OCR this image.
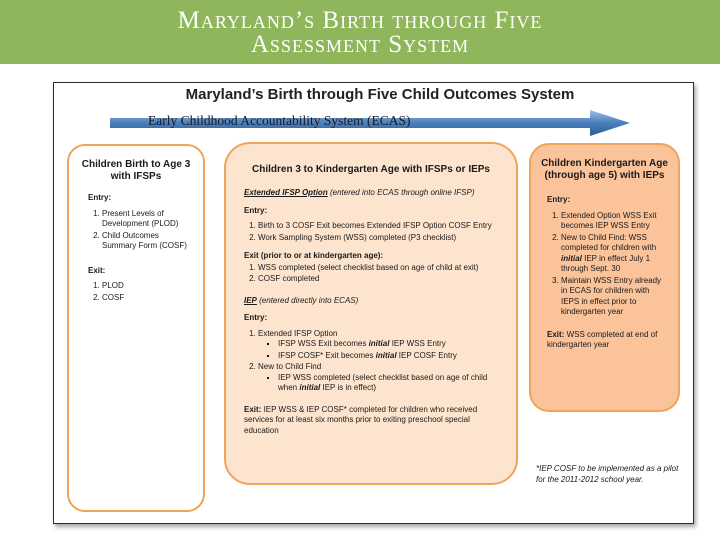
Maryland’s Birth through Five
Assessment System
Maryland’s Birth through Five Child Outcomes System
Early Childhood Accountability System (ECAS)
Children Birth to Age 3 with IFSPs
Entry:
1. Present Levels of Development (PLOD)
2. Child Outcomes Summary Form (COSF)
Exit:
1. PLOD
2. COSF
Children 3 to Kindergarten Age with IFSPs or IEPs
Extended IFSP Option (entered into ECAS through online IFSP)
Entry:
1. Birth to 3 COSF Exit becomes Extended IFSP Option COSF Entry
2. Work Sampling System (WSS) completed (P3 checklist)
Exit (prior to or at kindergarten age):
1. WSS completed (select checklist based on age of child at exit)
2. COSF completed
IEP (entered directly into ECAS)
Entry:
1. Extended IFSP Option
▪ IFSP WSS Exit becomes initial IEP WSS Entry
▪ IFSP COSF* Exit becomes initial IEP COSF Entry
2. New to Child Find
▪ IEP WSS completed (select checklist based on age of child when initial IEP is in effect)
Exit: IEP WSS & IEP COSF* completed for children who received services for at least six months prior to exiting preschool special education
Children Kindergarten Age (through age 5) with IEPs
Entry:
1. Extended Option WSS Exit becomes IEP WSS Entry
2. New to Child Find: WSS completed for children with initial IEP in effect July 1 through Sept. 30
3. Maintain WSS Entry already in ECAS for children with IEPS in effect prior to kindergarten year
Exit: WSS completed at end of kindergarten year
*IEP COSF to be implemented as a pilot for the 2011-2012 school year.
